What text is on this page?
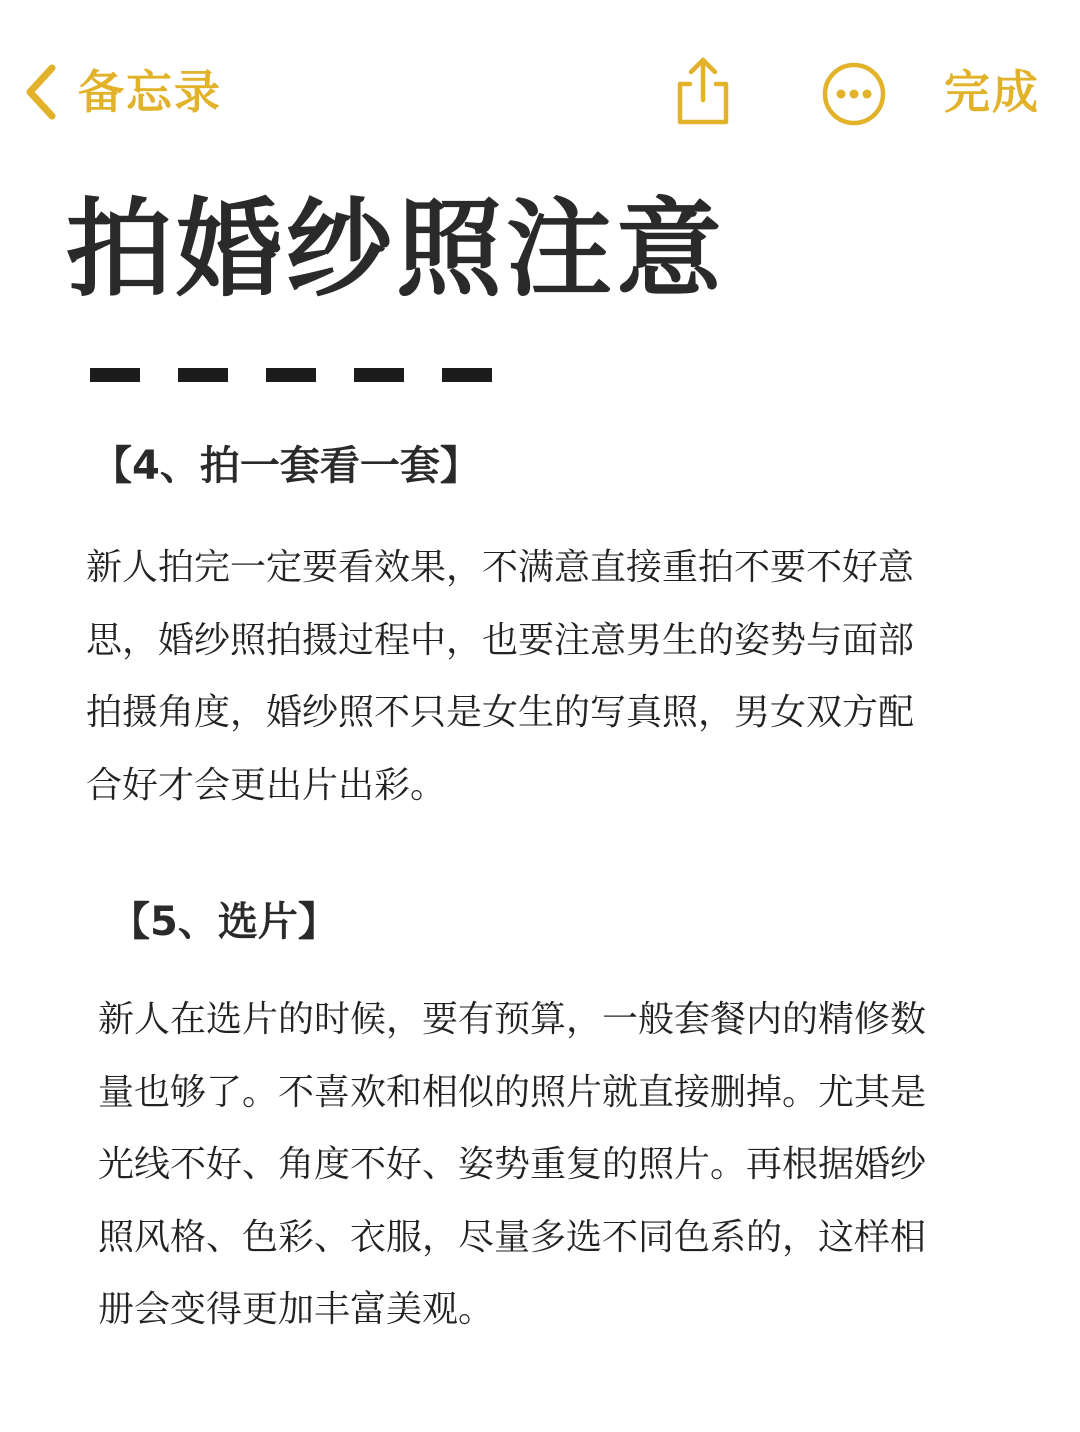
备忘录	完成
拍婚纱照注意
【4、拍一套看一套】
新人拍完一定要看效果，不满意直接重拍不要不好意
思，婚纱照拍摄过程中，也要注意男生的姿势与面部
拍摄角度，婚纱照不只是女生的写真照，男女双方配
合好才会更出片出彩。
【5、选片】
新人在选片的时候，要有预算，一般套餐内的精修数
量也够了。不喜欢和相似的照片就直接删掉。尤其是
光线不好、角度不好、姿势重复的照片。再根据婚纱
照风格、色彩、衣服，尽量多选不同色系的，这样相
册会变得更加丰富美观。
